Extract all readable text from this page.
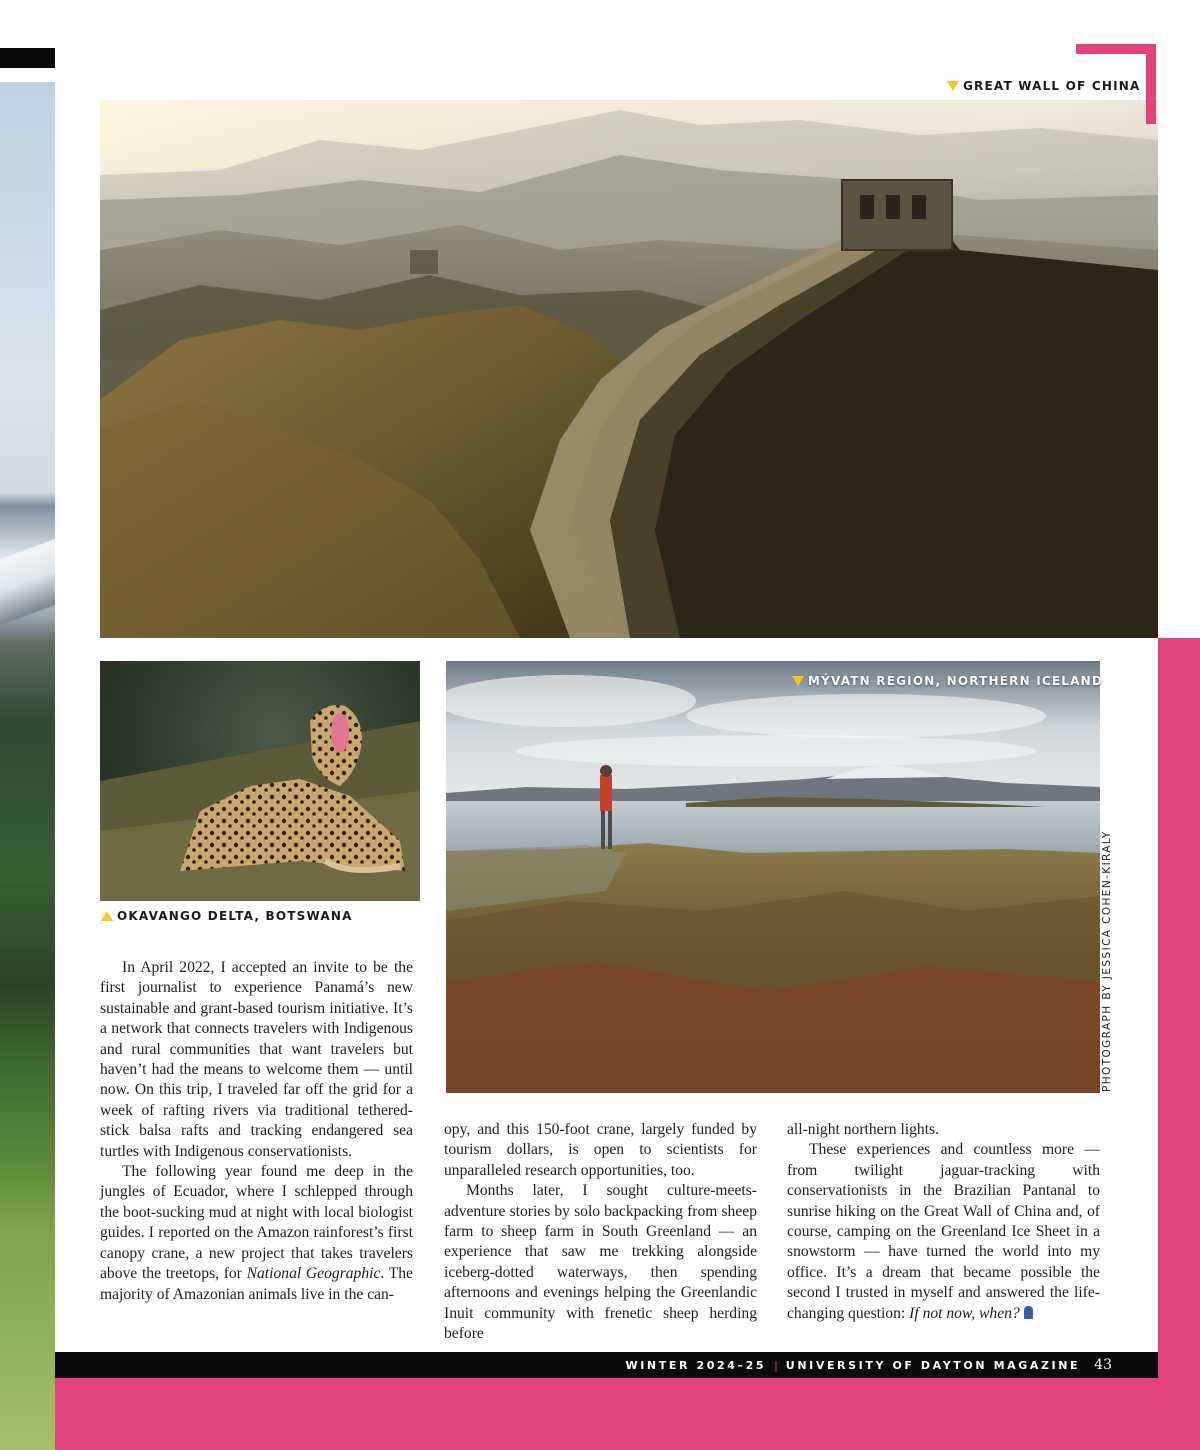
GREAT WALL OF CHINA
OKAVANGO DELTA, BOTSWANA
MÝVATN REGION, NORTHERN ICELAND
PHOTOGRAPH BY JESSICA COHEN-KIRALY

In April 2022, I accepted an invite to be the first journalist to experience Panamá’s new sustainable and grant-based tourism initiative. It’s a network that connects travelers with Indigenous and rural communities that want travelers but haven’t had the means to welcome them — until now. On this trip, I traveled far off the grid for a week of rafting rivers via traditional tethered-stick balsa rafts and tracking endangered sea turtles with Indigenous conservationists.

The following year found me deep in the jungles of Ecuador, where I schlepped through the boot-sucking mud at night with local biologist guides. I reported on the Amazon rainforest’s first canopy crane, a new project that takes travelers above the treetops, for National Geographic. The majority of Amazonian animals live in the can-

opy, and this 150-foot crane, largely funded by tourism dollars, is open to scientists for unparalleled research opportunities, too.

Months later, I sought culture-meets-adventure stories by solo backpacking from sheep farm to sheep farm in South Greenland — an experience that saw me trekking alongside iceberg-dotted waterways, then spending afternoons and evenings helping the Greenlandic Inuit community with frenetic sheep herding before

all-night northern lights.

These experiences and countless more — from twilight jaguar-tracking with conservationists in the Brazilian Pantanal to sunrise hiking on the Great Wall of China and, of course, camping on the Greenland Ice Sheet in a snowstorm — have turned the world into my office. It’s a dream that became possible the second I trusted in myself and answered the life-changing question: If not now, when?

WINTER 2024–25 | UNIVERSITY OF DAYTON MAGAZINE 43
